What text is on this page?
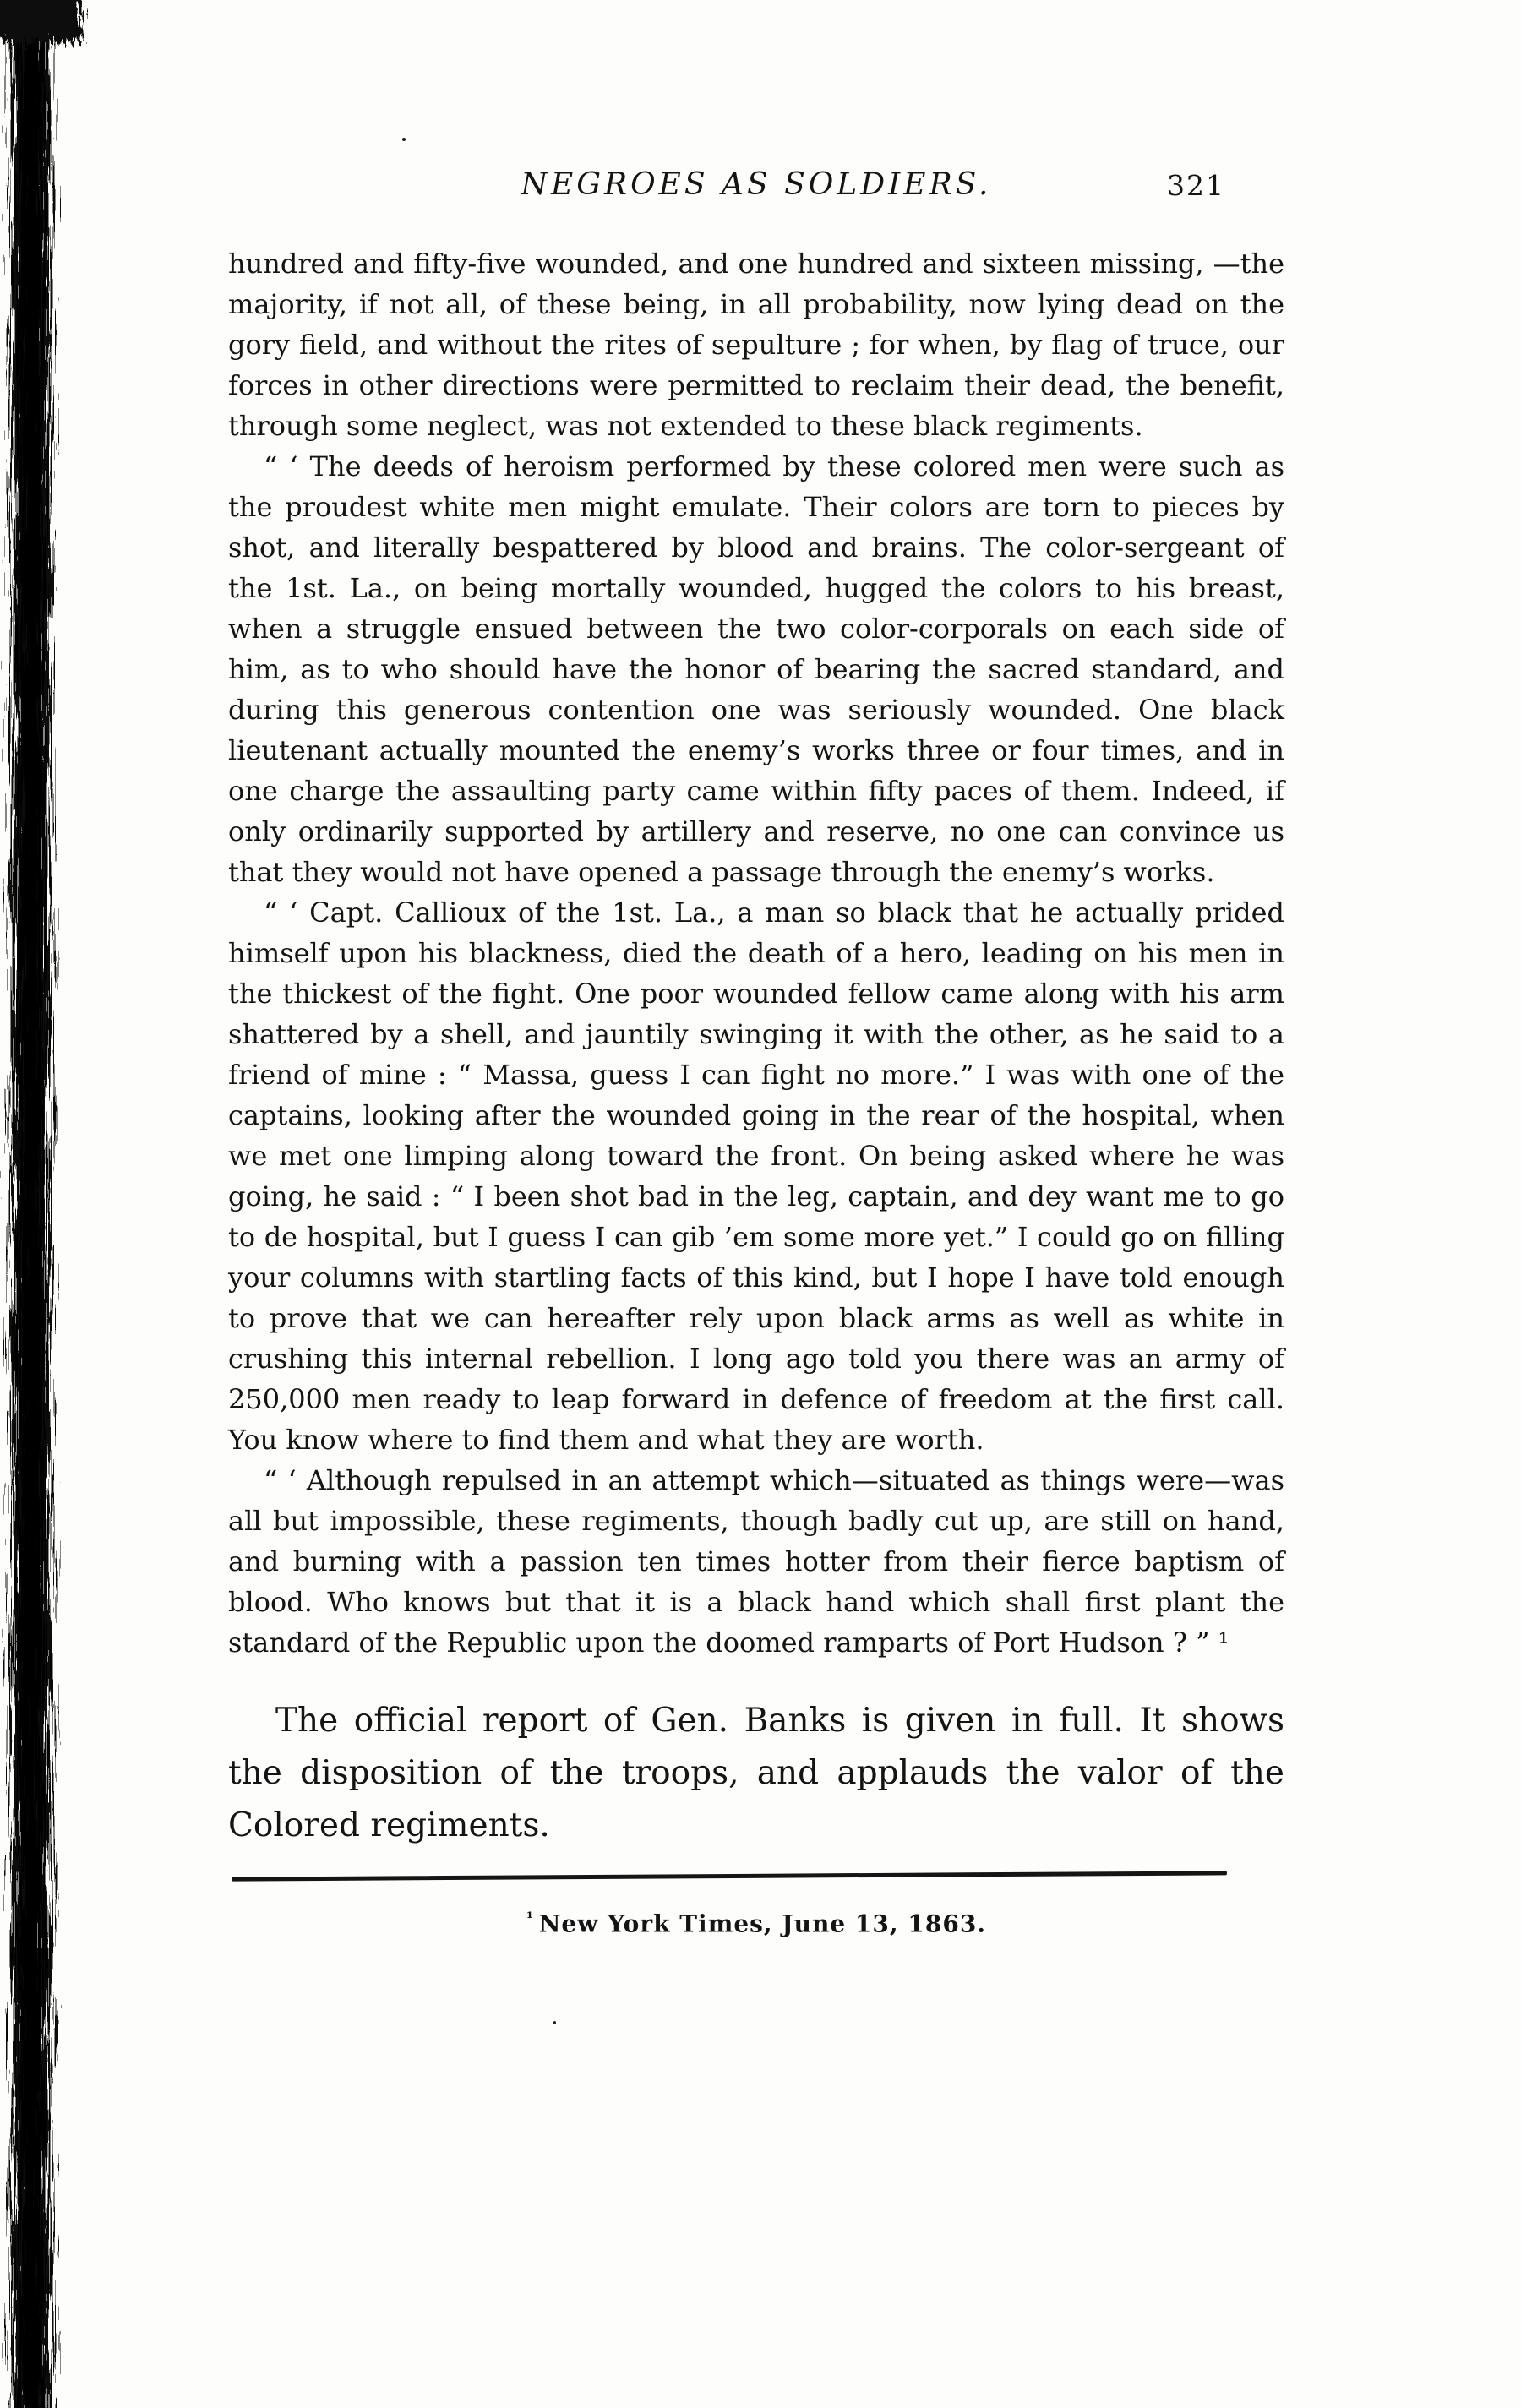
NEGROES AS SOLDIERS.	321

hundred and fifty-five wounded, and one hundred and sixteen missing, —the majority, if not all, of these being, in all probability, now lying dead on the gory field, and without the rites of sepulture ; for when, by flag of truce, our forces in other directions were permitted to reclaim their dead, the benefit, through some neglect, was not extended to these black regiments.

“ ‘ The deeds of heroism performed by these colored men were such as the proudest white men might emulate. Their colors are torn to pieces by shot, and literally bespattered by blood and brains. The color-sergeant of the 1st. La., on being mortally wounded, hugged the colors to his breast, when a struggle ensued between the two color-corporals on each side of him, as to who should have the honor of bearing the sacred standard, and during this generous contention one was seriously wounded. One black lieutenant actually mounted the enemy’s works three or four times, and in one charge the assaulting party came within fifty paces of them. Indeed, if only ordinarily supported by artillery and reserve, no one can convince us that they would not have opened a passage through the enemy’s works.

“ ‘ Capt. Callioux of the 1st. La., a man so black that he actually prided himself upon his blackness, died the death of a hero, leading on his men in the thickest of the fight. One poor wounded fellow came along with his arm shattered by a shell, and jauntily swinging it with the other, as he said to a friend of mine : “ Massa, guess I can fight no more.” I was with one of the captains, looking after the wounded going in the rear of the hospital, when we met one limping along toward the front. On being asked where he was going, he said : “ I been shot bad in the leg, captain, and dey want me to go to de hospital, but I guess I can gib ’em some more yet.” I could go on filling your columns with startling facts of this kind, but I hope I have told enough to prove that we can hereafter rely upon black arms as well as white in crushing this internal rebellion. I long ago told you there was an army of 250,000 men ready to leap forward in defence of freedom at the first call. You know where to find them and what they are worth.

“ ‘ Although repulsed in an attempt which—situated as things were—was all but impossible, these regiments, though badly cut up, are still on hand, and burning with a passion ten times hotter from their fierce baptism of blood. Who knows but that it is a black hand which shall first plant the standard of the Republic upon the doomed ramparts of Port Hudson ? ” ¹

The official report of Gen. Banks is given in full. It shows the disposition of the troops, and applauds the valor of the Colored regiments.

$^{^1}$ New York Times, June 13, 1863.
